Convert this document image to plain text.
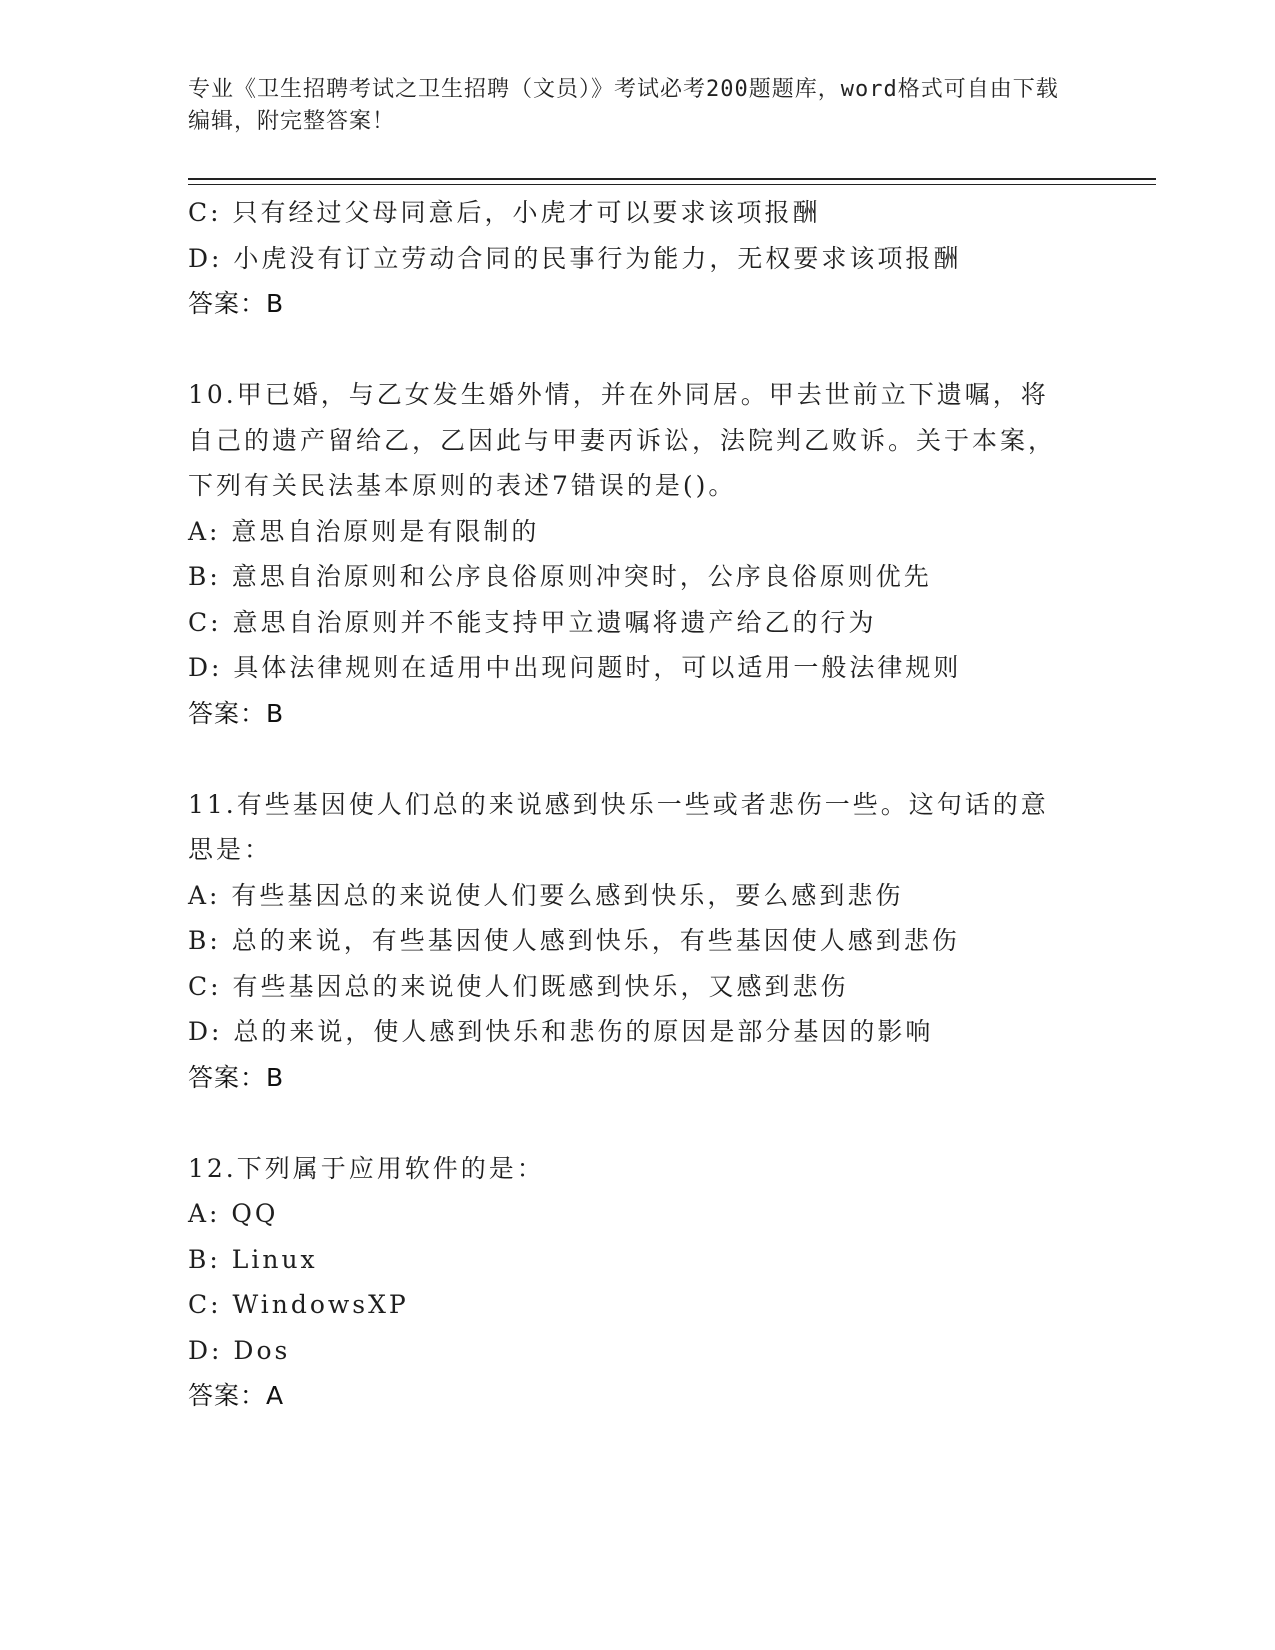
专业《卫生招聘考试之卫生招聘（文员）》考试必考200题题库，word格式可自由下载编辑，附完整答案！

C: 只有经过父母同意后，小虎才可以要求该项报酬

D: 小虎没有订立劳动合同的民事行为能力，无权要求该项报酬

答案：B

10.甲已婚，与乙女发生婚外情，并在外同居。甲去世前立下遗嘱，将自己的遗产留给乙，乙因此与甲妻丙诉讼，法院判乙败诉。关于本案，下列有关民法基本原则的表述7错误的是()。

A: 意思自治原则是有限制的

B: 意思自治原则和公序良俗原则冲突时，公序良俗原则优先

C: 意思自治原则并不能支持甲立遗嘱将遗产给乙的行为

D: 具体法律规则在适用中出现问题时，可以适用一般法律规则

答案：B

11.有些基因使人们总的来说感到快乐一些或者悲伤一些。这句话的意思是：

A: 有些基因总的来说使人们要么感到快乐，要么感到悲伤

B: 总的来说，有些基因使人感到快乐，有些基因使人感到悲伤

C: 有些基因总的来说使人们既感到快乐，又感到悲伤

D: 总的来说，使人感到快乐和悲伤的原因是部分基因的影响

答案：B

12.下列属于应用软件的是：

A: QQ

B: Linux

C: WindowsXP

D: Dos

答案：A
